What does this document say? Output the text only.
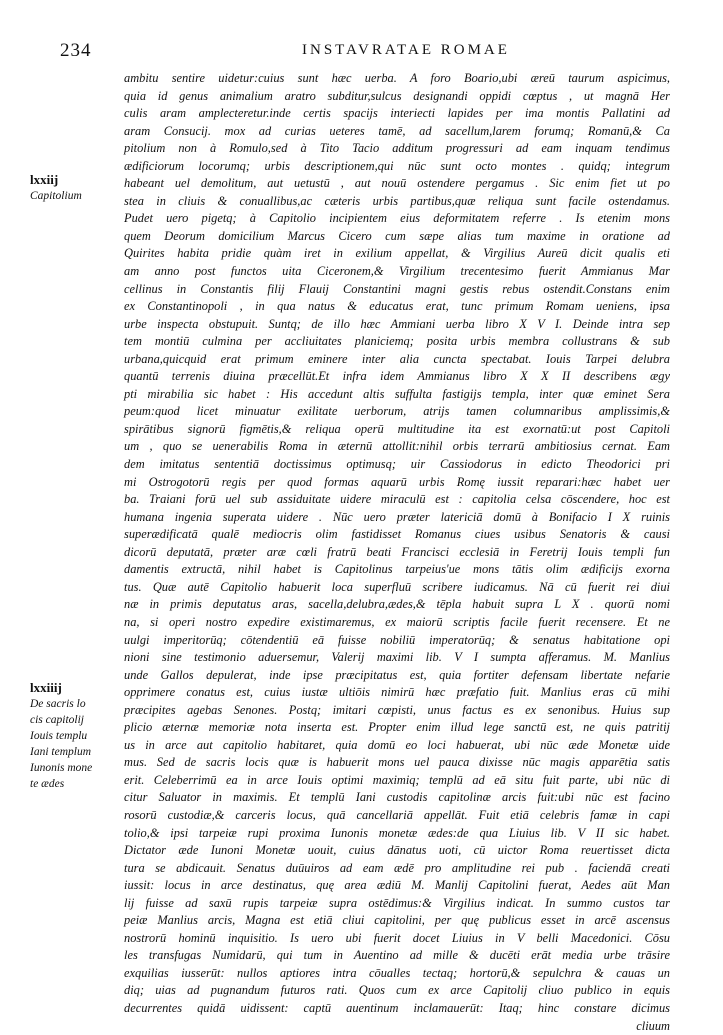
234	INSTAVRATAE ROMAE
lxxiij
Capitolium
lxxiiij
De sacris lo
cis capitolij
Iouis templu
Iani templum
Iunonis mone
te ædes
ambitu sentire uidetur:cuius sunt hæc uerba. A foro Boario,ubi æreū taurum aspicimus,
quia id genus animalium aratro subditur,sulcus designandi oppidi cœptus , ut magnā Her
culis aram amplecteretur.inde certis spacijs interiecti lapides per ima montis Pallatini ad
aram Consucij. mox ad curias ueteres tamē, ad sacellum,larem forumq; Romanū,& Ca
pitolium non à Romulo,sed à Tito Tacio additum progressuri ad eam inquam tendimus
ædificiorum locorumq; urbis descriptionem,qui nūc sunt octo montes . quidq; integrum
habeant uel demolitum, aut uetustū , aut nouū ostendere pergamus . Sic enim fiet ut po
stea in cliuis & conuallibus,ac cæteris urbis partibus,quæ reliqua sunt facile ostendamus.
Pudet uero pigetq; à Capitolio incipientem eius deformitatem referre . Is etenim mons
quem Deorum domicilium Marcus Cicero cum sæpe alias tum maxime in oratione ad
Quirites habita pridie quàm iret in exilium appellat, & Virgilius Aureū dicit qualis eti
am anno post functos uita Ciceronem,& Virgilium trecentesimo fuerit Ammianus Mar
cellinus in Constantis filij Flauij Constantini magni gestis rebus ostendit.Constans enim
ex Constantinopoli , in qua natus & educatus erat, tunc primum Romam ueniens, ipsa
urbe inspecta obstupuit. Suntq; de illo hæc Ammiani uerba libro X V I. Deinde intra sep
tem montiū culmina per accliuitates planiciemq; posita urbis membra collustrans & sub
urbana,quicquid erat primum eminere inter alia cuncta spectabat. Iouis Tarpei delubra
quantū terrenis diuina præcellūt.Et infra idem Ammianus libro X X II describens ægy
pti mirabilia sic habet : His accedunt altis suffulta fastigijs templa, inter quæ eminet Sera
peum:quod licet minuatur exilitate uerborum, atrijs tamen columnaribus amplissimis,&
spirātibus signorū figmētis,& reliqua operū multitudine ita est exornatū:ut post Capitoli
um , quo se uenerabilis Roma in æternū attollit:nihil orbis terrarū ambitiosius cernat. Eam
dem imitatus sententiā doctissimus optimusq; uir Cassiodorus in edicto Theodorici pri
mi Ostrogotorū regis per quod formas aquarū urbis Romę iussit reparari:hæc habet uer
ba. Traiani forū uel sub assiduitate uidere miraculū est : capitolia celsa cōscendere, hoc est
humana ingenia superata uidere . Nūc uero præter latericiā domū à Bonifacio I X ruinis
superædificatā qualē mediocris olim fastidisset Romanus ciues usibus Senatoris & causi
dicorū deputatā, præter aræ cœli fratrū beati Francisci ecclesiā in Feretrij Iouis templi fun
damentis extructā, nihil habet is Capitolinus tarpeius'ue mons tātis olim ædificijs exorna
tus. Quæ autē Capitolio habuerit loca superfluū scribere iudicamus. Nā cū fuerit rei diui
næ in primis deputatus aras, sacella,delubra,ædes,& tēpla habuit supra L X . quorū nomi
na, si operi nostro expedire existimaremus, ex maiorū scriptis facile fuerit recensere. Et ne
uulgi imperitorūq; cōtendentiū eā fuisse nobiliū imperatorūq; & senatus habitatione opi
nioni sine testimonio aduersemur, Valerij maximi lib. V I sumpta afferamus. M. Manlius
unde Gallos depulerat, inde ipse præcipitatus est, quia fortiter defensam libertate nefarie
opprimere conatus est, cuius iustæ ultiōis nimirū hæc præfatio fuit. Manlius eras cū mihi
præcipites agebas Senones. Postq; imitari cœpisti, unus factus es ex senonibus. Huius sup
plicio æternæ memoriæ nota inserta est. Propter enim illud lege sanctū est, ne quis patritij
us in arce aut capitolio habitaret, quia domū eo loci habuerat, ubi nūc æde Monetæ uide
mus. Sed de sacris locis quæ is habuerit mons uel pauca dixisse nūc magis apparētia satis
erit. Celeberrimū ea in arce Iouis optimi maximiq; templū ad eā situ fuit parte, ubi nūc di
citur Saluator in maximis. Et templū Iani custodis capitolinæ arcis fuit:ubi nūc est facino
rosorū custodiæ,& carceris locus, quā cancellariā appellāt. Fuit etiā celebris famæ in capi
tolio,& ipsi tarpeiæ rupi proxima Iunonis monetæ ædes:de qua Liuius lib. V II sic habet.
Dictator æde Iunoni Monetæ uouit, cuius dānatus uoti, cū uictor Roma reuertisset dicta
tura se abdicauit. Senatus duūuiros ad eam ædē pro amplitudine rei pub . faciendā creati
iussit: locus in arce destinatus, quę area ædiū M. Manlij Capitolini fuerat, Aedes aūt Man
lij fuisse ad saxū rupis tarpeiæ supra ostēdimus:& Virgilius indicat. In summo custos tar
peiæ Manlius arcis, Magna est etiā cliui capitolini, per quę publicus esset in arcē ascensus
nostrorū hominū inquisitio. Is uero ubi fuerit docet Liuius in V belli Macedonici. Cōsu
les transfugas Numidarū, qui tum in Auentino ad mille & ducēti erāt media urbe trāsire
exquilias iusserūt: nullos aptiores intra cōualles tectaq; hortorū,& sepulchra & cauas un
diq; uias ad pugnandum futuros rati. Quos cum ex arce Capitolij cliuo publico in equis
decurrentes quidā uidissent: captū auentinum inclamauerūt: Itaq; hinc constare dicimus
cliuum
